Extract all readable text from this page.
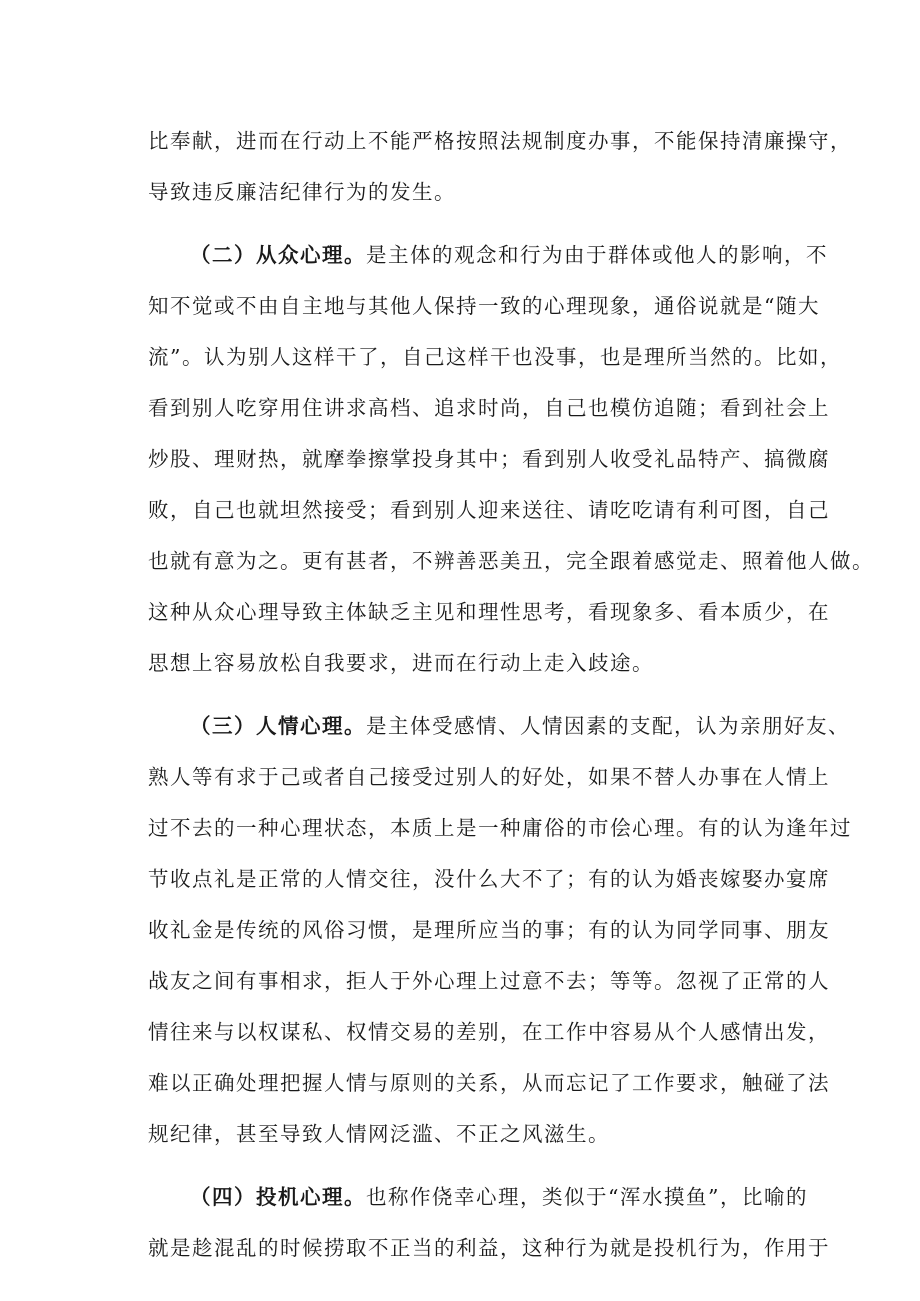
比奉献，进而在行动上不能严格按照法规制度办事，不能保持清廉操守，
导致违反廉洁纪律行为的发生。
（二）从众心理。是主体的观念和行为由于群体或他人的影响，不
知不觉或不由自主地与其他人保持一致的心理现象，通俗说就是“随大
流”。认为别人这样干了，自己这样干也没事，也是理所当然的。比如，
看到别人吃穿用住讲求高档、追求时尚，自己也模仿追随；看到社会上
炒股、理财热，就摩拳擦掌投身其中；看到别人收受礼品特产、搞微腐
败，自己也就坦然接受；看到别人迎来送往、请吃吃请有利可图，自己
也就有意为之。更有甚者，不辨善恶美丑，完全跟着感觉走、照着他人做。
这种从众心理导致主体缺乏主见和理性思考，看现象多、看本质少，在
思想上容易放松自我要求，进而在行动上走入歧途。
（三）人情心理。是主体受感情、人情因素的支配，认为亲朋好友、
熟人等有求于己或者自己接受过别人的好处，如果不替人办事在人情上
过不去的一种心理状态，本质上是一种庸俗的市侩心理。有的认为逢年过
节收点礼是正常的人情交往，没什么大不了；有的认为婚丧嫁娶办宴席
收礼金是传统的风俗习惯，是理所应当的事；有的认为同学同事、朋友
战友之间有事相求，拒人于外心理上过意不去；等等。忽视了正常的人
情往来与以权谋私、权情交易的差别，在工作中容易从个人感情出发，
难以正确处理把握人情与原则的关系，从而忘记了工作要求，触碰了法
规纪律，甚至导致人情网泛滥、不正之风滋生。
（四）投机心理。也称作侥幸心理，类似于“浑水摸鱼”，比喻的
就是趁混乱的时候捞取不正当的利益，这种行为就是投机行为，作用于
